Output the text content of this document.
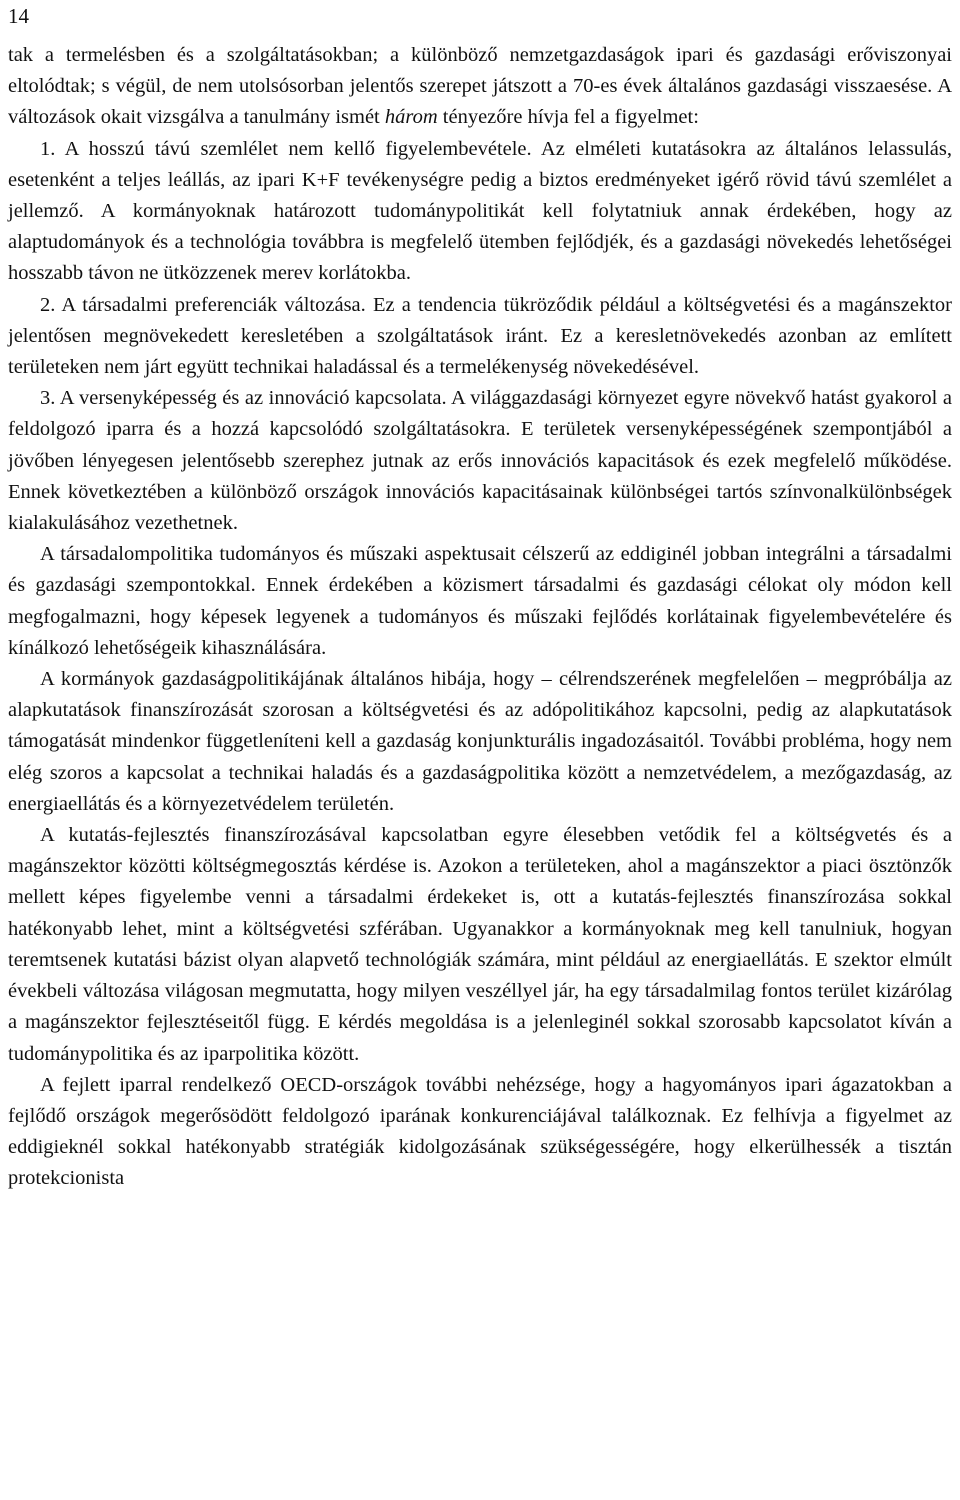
14

tak a termelésben és a szolgáltatásokban; a különböző nemzetgazdaságok ipari és gazdasági erőviszonyai eltolódtak; s végül, de nem utolsósorban jelentős szerepet játszott a 70-es évek általános gazdasági visszaesése. A változások okait vizsgálva a tanulmány ismét három tényezőre hívja fel a figyelmet:

1. A hosszú távú szemlélet nem kellő figyelembevétele. Az elméleti kutatásokra az általános lelassulás, esetenként a teljes leállás, az ipari K+F tevékenységre pedig a biztos eredményeket igérő rövid távú szemlélet a jellemző. A kormányoknak határozott tudománypolitikát kell folytatniuk annak érdekében, hogy az alaptudományok és a technológia továbbra is megfelelő ütemben fejlődjék, és a gazdasági növekedés lehetőségei hosszabb távon ne ütközzenek merev korlátokba.

2. A társadalmi preferenciák változása. Ez a tendencia tükröződik például a költségvetési és a magánszektor jelentősen megnövekedett keresletében a szolgáltatások iránt. Ez a keresletnövekedés azonban az említett területeken nem járt együtt technikai haladással és a termelékenység növekedésével.

3. A versenyképesség és az innováció kapcsolata. A világgazdasági környezet egyre növekvő hatást gyakorol a feldolgozó iparra és a hozzá kapcsolódó szolgáltatásokra. E területek versenyképességének szempontjából a jövőben lényegesen jelentősebb szerephez jutnak az erős innovációs kapacitások és ezek megfelelő működése. Ennek következtében a különböző országok innovációs kapacitásainak különbségei tartós színvonalkülönbségek kialakulásához vezethetnek.

A társadalompolitika tudományos és műszaki aspektusait célszerű az eddiginél jobban integrálni a társadalmi és gazdasági szempontokkal. Ennek érdekében a közismert társadalmi és gazdasági célokat oly módon kell megfogalmazni, hogy képesek legyenek a tudományos és műszaki fejlődés korlátainak figyelembevételére és kínálkozó lehetőségeik kihasználására.

A kormányok gazdaságpolitikájának általános hibája, hogy – célrendszerének megfelelően – megpróbálja az alapkutatások finanszírozását szorosan a költségvetési és az adópolitikához kapcsolni, pedig az alapkutatások támogatását mindenkor függetleníteni kell a gazdaság konjunkturális ingadozásaitól. További probléma, hogy nem elég szoros a kapcsolat a technikai haladás és a gazdaságpolitika között a nemzetvédelem, a mezőgazdaság, az energiaellátás és a környezetvédelem területén.

A kutatás-fejlesztés finanszírozásával kapcsolatban egyre élesebben vetődik fel a költségvetés és a magánszektor közötti költségmegosztás kérdése is. Azokon a területeken, ahol a magánszektor a piaci ösztönzők mellett képes figyelembe venni a társadalmi érdekeket is, ott a kutatás-fejlesztés finanszírozása sokkal hatékonyabb lehet, mint a költségvetési szférában. Ugyanakkor a kormányoknak meg kell tanulniuk, hogyan teremtsenek kutatási bázist olyan alapvető technológiák számára, mint például az energiaellátás. E szektor elmúlt évekbeli változása világosan megmutatta, hogy milyen veszéllyel jár, ha egy társadalmilag fontos terület kizárólag a magánszektor fejlesztéseitől függ. E kérdés megoldása is a jelenleginél sokkal szorosabb kapcsolatot kíván a tudománypolitika és az iparpolitika között.

A fejlett iparral rendelkező OECD-országok további nehézsége, hogy a hagyományos ipari ágazatokban a fejlődő országok megerősödött feldolgozó iparának konkurenciájával találkoznak. Ez felhívja a figyelmet az eddigieknél sokkal hatékonyabb stratégiák kidolgozásának szükségességére, hogy elkerülhessék a tisztán protekcionista
